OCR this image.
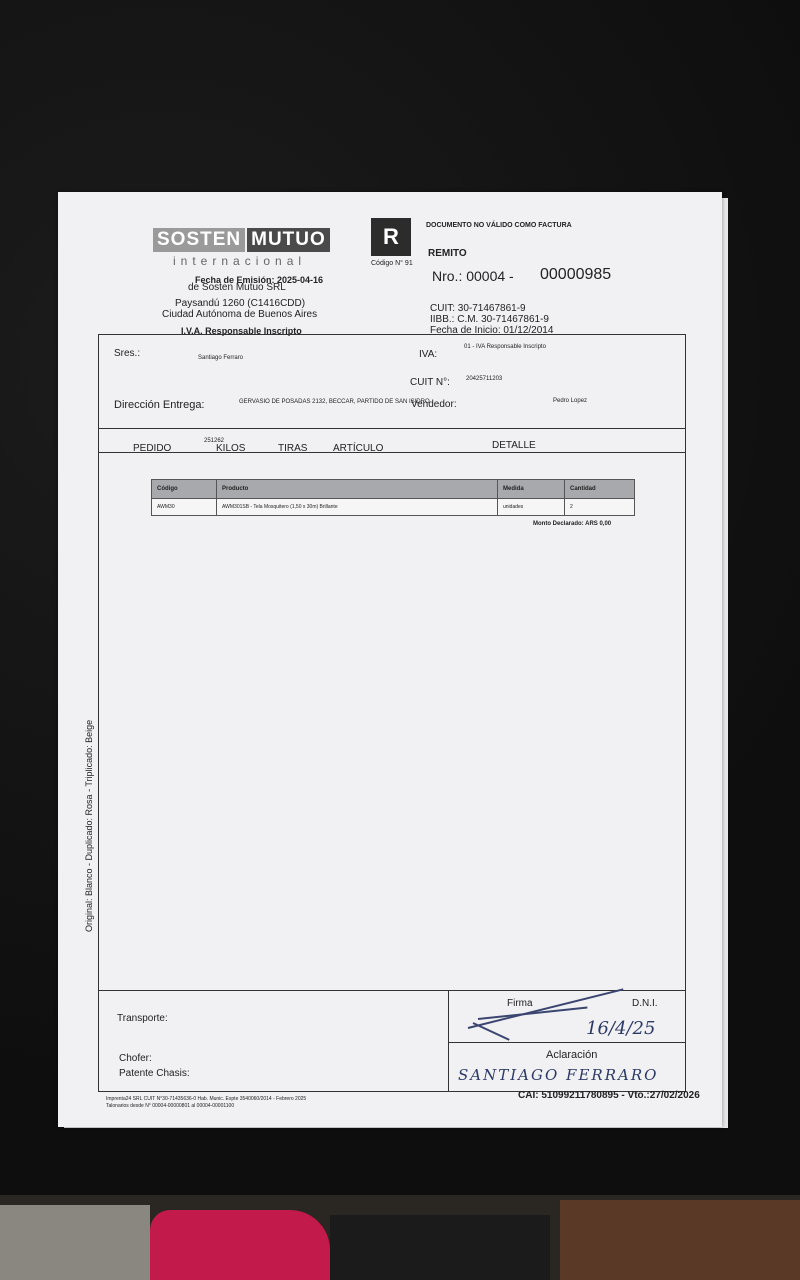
SOSTEN MUTUO
internacional
Fecha de Emisión: 2025-04-16
de Sosten Mutuo SRL
Paysandú 1260 (C1416CDD)
Ciudad Autónoma de Buenos Aires
I.V.A. Responsable Inscripto
R
Código N° 91
DOCUMENTO NO VÁLIDO COMO FACTURA
REMITO
Nro.: 00004 - 00000985
CUIT: 30-71467861-9
IIBB.: C.M. 30-71467861-9
Fecha de Inicio: 01/12/2014
Sres.:	Santiago Ferraro	IVA:
01 - IVA Responsable Inscripto
CUIT N°:	20425711203
Dirección Entrega:	GERVASIO DE POSADAS 2132, BECCAR, PARTIDO DE SAN ISIDRO
Vendedor:	Pedro Lopez
PEDIDO
251262
KILOS	TIRAS	ARTÍCULO	DETALLE
Código	Producto	Medida	Cantidad
AWM30	AWM301SB - Tela Mosquitero (1,50 x 30m) Brillante	unidades	2
Monto Declarado: ARS 0,00
Original: Blanco - Duplicado: Rosa - Triplicado: Beige
Transporte:
Chofer:
Patente Chasis:
Firma	D.N.I.
Aclaración
16/4/25
SANTIAGO FERRARO
Imprenta24 SRL CUIT N°30-71435636-0 Hab. Munic. Expte 3540060/2014 - Febrero 2025
Talonarios desde N° 00004-00000801 al 00004-00001100
CAI: 51099211780895 - Vto.:27/02/2026
